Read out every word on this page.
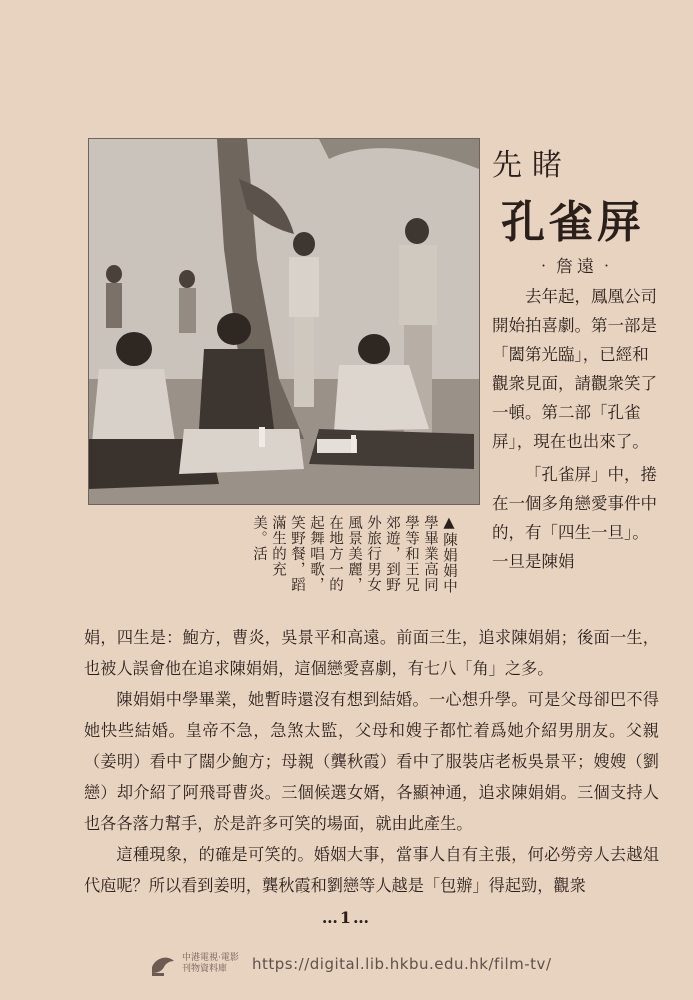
先睹
孔雀屏
‧詹遠‧

去年起，鳳凰公司開始拍喜劇。第一部是「闔第光臨」，已經和觀衆見面，請觀衆笑了一頓。第二部「孔雀屏」，現在也出來了。

「孔雀屏」中，捲在一個多角戀愛事件中的，有「四生一旦」。一旦是陳娟

▲陳娟娟中學畢業高同學等和王兄郊遊，到野外旅行男女風景美麗，在地方一的起舞唱歌，笑野餐，蹈滿生的充美。活

娟，四生是：鮑方，曹炎，吳景平和高遠。前面三生，追求陳娟娟；後面一生，也被人誤會他在追求陳娟娟，這個戀愛喜劇，有七八「角」之多。

陳娟娟中學畢業，她暫時還沒有想到結婚。一心想升學。可是父母卻巴不得她快些結婚。皇帝不急，急煞太監，父母和嫂子都忙着爲她介紹男朋友。父親（姜明）看中了闊少鮑方；母親（龔秋霞）看中了服裝店老板吳景平；嫂嫂（劉戀）却介紹了阿飛哥曹炎。三個候選女婿，各顯神通，追求陳娟娟。三個支持人也各各落力幫手，於是許多可笑的場面，就由此產生。

這種現象，的確是可笑的。婚姻大事，當事人自有主張，何必勞旁人去越俎代庖呢？所以看到姜明，龔秋霞和劉戀等人越是「包辦」得起勁，觀衆

…1…
中港電視‧電影
刊物資料庫	https://digital.lib.hkbu.edu.hk/film-tv/
